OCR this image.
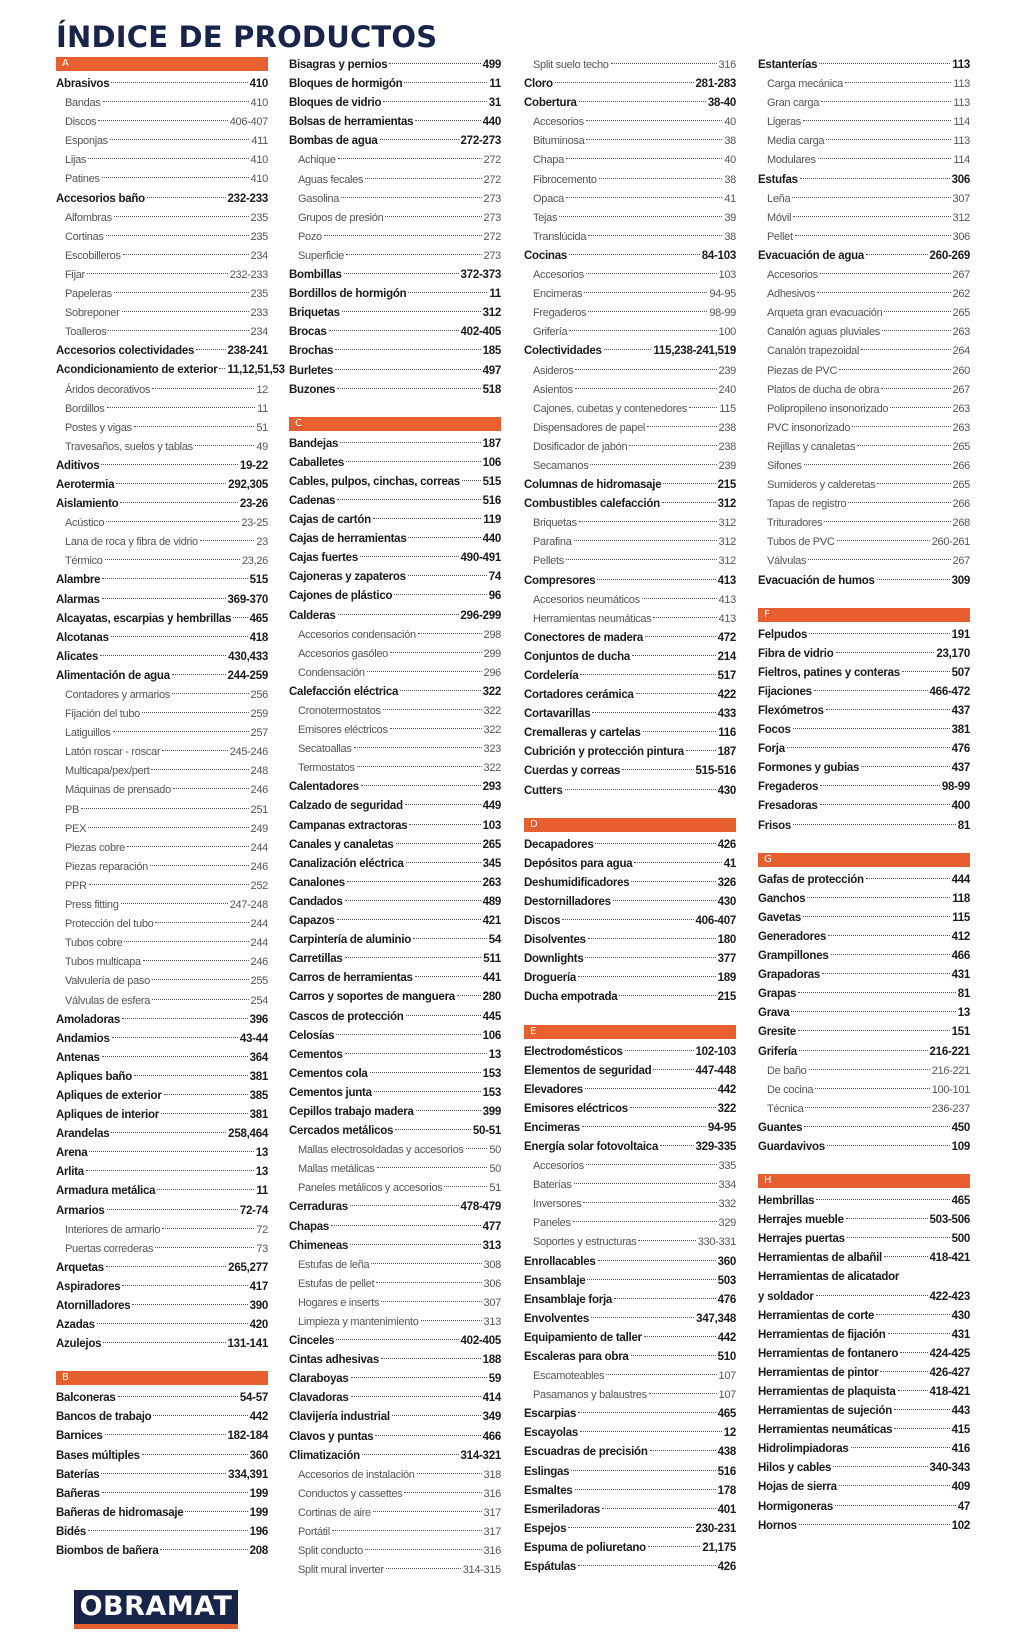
ÍNDICE DE PRODUCTOS
A
Abrasivos	410
Bandas	410
Discos	406-407
Esponjas	411
Lijas	410
Patines	410
Accesorios baño	232-233
Alfombras	235
Cortinas	235
Escobilleros	234
Fijar	232-233
Papeleras	235
Sobreponer	233
Toalleros	234
Accesorios colectividades	238-241
Acondicionamiento de exterior 11,12,51,53
Áridos decorativos	12
Bordillos	11
Postes y vigas	51
Travesaños, suelos y tablas	49
Aditivos	19-22
Aerotermia	292,305
Aislamiento	23-26
Acústico	23-25
Lana de roca y fibra de vidrio	23
Térmico	23,26
Alambre	515
Alarmas	369-370
Alcayatas, escarpias y hembrillas 465
Alcotanas	418
Alicates	430,433
Alimentación de agua	244-259
Contadores y armarios	256
Fijación del tubo	259
Latiguillos	257
Latón roscar - roscar	245-246
Multicapa/pex/pert	248
Máquinas de prensado	246
PB	251
PEX	249
Piezas cobre	244
Piezas reparación	246
PPR	252
Press fitting	247-248
Protección del tubo	244
Tubos cobre	244
Tubos multicapa	246
Valvulería de paso	255
Válvulas de esfera	254
Amoladoras	396
Andamios	43-44
Antenas	364
Apliques baño	381
Apliques de exterior	385
Apliques de interior	381
Arandelas	258,464
Arena	13
Arlita	13
Armadura metálica	11
Armarios	72-74
Interiores de armario	72
Puertas correderas	73
Arquetas	265,277
Aspiradores	417
Atornilladores	390
Azadas	420
Azulejos	131-141
B
Balconeras	54-57
Bancos de trabajo	442
Barnices	182-184
Bases múltiples	360
Baterías	334,391
Bañeras	199
Bañeras de hidromasaje	199
Bidés	196
Biombos de bañera	208
Bisagras y pernios	499
Bloques de hormigón	11
Bloques de vidrio	31
Bolsas de herramientas	440
Bombas de agua	272-273
Achique	272
Aguas fecales	272
Gasolina	273
Grupos de presión	273
Pozo	272
Superficie	273
Bombillas	372-373
Bordillos de hormigón	11
Briquetas	312
Brocas	402-405
Brochas	185
Burletes	497
Buzones	518
C
Bandejas	187
Caballetes	106
Cables, pulpos, cinchas, correas 515
Cadenas	516
Cajas de cartón	119
Cajas de herramientas	440
Cajas fuertes	490-491
Cajoneras y zapateros	74
Cajones de plástico	96
Calderas	296-299
Accesorios condensación	298
Accesorios gasóleo	299
Condensación	296
Calefacción eléctrica	322
Cronotermostatos	322
Emisores eléctricos	322
Secatoallas	323
Termostatos	322
Calentadores	293
Calzado de seguridad	449
Campanas extractoras	103
Canales y canaletas	265
Canalización eléctrica	345
Canalones	263
Candados	489
Capazos	421
Carpintería de aluminio	54
Carretillas	511
Carros de herramientas	441
Carros y soportes de manguera 280
Cascos de protección	445
Celosías	106
Cementos	13
Cementos cola	153
Cementos junta	153
Cepillos trabajo madera	399
Cercados metálicos	50-51
Mallas electrosoldadas y accesorios 50
Mallas metálicas	50
Paneles metálicos y accesorios	51
Cerraduras	478-479
Chapas	477
Chimeneas	313
Estufas de leña	308
Estufas de pellet	306
Hogares e inserts	307
Limpieza y mantenimiento	313
Cinceles	402-405
Cintas adhesivas	188
Claraboyas	59
Clavadoras	414
Clavijería industrial	349
Clavos y puntas	466
Climatización	314-321
Accesorios de instalación	318
Conductos y cassettes	316
Cortinas de aire	317
Portátil	317
Split conducto	316
Split mural inverter	314-315
Split suelo techo	316
Cloro	281-283
Cobertura	38-40
Accesorios	40
Bituminosa	38
Chapa	40
Fibrocemento	38
Opaca	41
Tejas	39
Translúcida	38
Cocinas	84-103
Accesorios	103
Encimeras	94-95
Fregaderos	98-99
Grifería	100
Colectividades	115,238-241,519
Asideros	239
Asientos	240
Cajones, cubetas y contenedores	115
Dispensadores de papel	238
Dosificador de jabón	238
Secamanos	239
Columnas de hidromasaje	215
Combustibles calefacción	312
Briquetas	312
Parafina	312
Pellets	312
Compresores	413
Accesorios neumáticos	413
Herramientas neumáticas	413
Conectores de madera	472
Conjuntos de ducha	214
Cordelería	517
Cortadores cerámica	422
Cortavarillas	433
Cremalleras y cartelas	116
Cubrición y protección pintura	187
Cuerdas y correas	515-516
Cutters	430
D
Decapadores	426
Depósitos para agua	41
Deshumidificadores	326
Destornilladores	430
Discos	406-407
Disolventes	180
Downlights	377
Droguería	189
Ducha empotrada	215
E
Electrodomésticos	102-103
Elementos de seguridad	447-448
Elevadores	442
Emisores eléctricos	322
Encimeras	94-95
Energía solar fotovoltaica	329-335
Accesorios	335
Baterías	334
Inversores	332
Paneles	329
Soportes y estructuras	330-331
Enrollacables	360
Ensamblaje	503
Ensamblaje forja	476
Envolventes	347,348
Equipamiento de taller	442
Escaleras para obra	510
Escamoteables	107
Pasamanos y balaustres	107
Escarpias	465
Escayolas	12
Escuadras de precisión	438
Eslingas	516
Esmaltes	178
Esmeriladoras	401
Espejos	230-231
Espuma de poliuretano	21,175
Espátulas	426
Estanterías	113
Carga mecánica	113
Gran carga	113
Ligeras	114
Media carga	113
Modulares	114
Estufas	306
Leña	307
Móvil	312
Pellet	306
Evacuación de agua	260-269
Accesorios	267
Adhesivos	262
Arqueta gran evacuación	265
Canalón aguas pluviales	263
Canalón trapezoidal	264
Piezas de PVC	260
Platos de ducha de obra	267
Polipropileno insonorizado	263
PVC insonorizado	263
Rejillas y canaletas	265
Sifones	266
Sumideros y calderetas	265
Tapas de registro	266
Trituradores	268
Tubos de PVC	260-261
Válvulas	267
Evacuación de humos	309
F
Felpudos	191
Fibra de vidrio	23,170
Fieltros, patines y conteras	507
Fijaciones	466-472
Flexómetros	437
Focos	381
Forja	476
Formones y gubias	437
Fregaderos	98-99
Fresadoras	400
Frisos	81
G
Gafas de protección	444
Ganchos	118
Gavetas	115
Generadores	412
Grampillones	466
Grapadoras	431
Grapas	81
Grava	13
Gresite	151
Grifería	216-221
De baño	216-221
De cocina	100-101
Técnica	236-237
Guantes	450
Guardavivos	109
H
Hembrillas	465
Herrajes mueble	503-506
Herrajes puertas	500
Herramientas de albañil	418-421
Herramientas de alicatador
y soldador	422-423
Herramientas de corte	430
Herramientas de fijación	431
Herramientas de fontanero	424-425
Herramientas de pintor	426-427
Herramientas de plaquista	418-421
Herramientas de sujeción	443
Herramientas neumáticas	415
Hidrolimpiadoras	416
Hilos y cables	340-343
Hojas de sierra	409
Hormigoneras	47
Hornos	102
OBRAMAT
